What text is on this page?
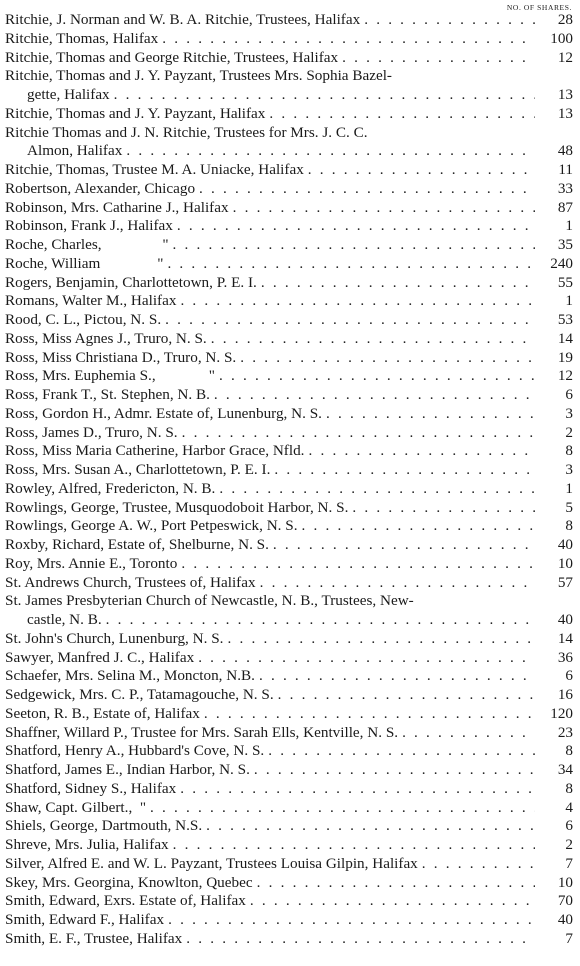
NO. OF SHARES.
Ritchie, J. Norman and W. B. A. Ritchie, Trustees, Halifax . . .	28
Ritchie, Thomas, Halifax . . .	100
Ritchie, Thomas and George Ritchie, Trustees, Halifax . . .	12
Ritchie, Thomas and J. Y. Payzant, Trustees Mrs. Sophia Bazel-
gette, Halifax . . .	13
Ritchie, Thomas and J. Y. Payzant, Halifax . . .	13
Ritchie Thomas and J. N. Ritchie, Trustees for Mrs. J. C. C.
Almon, Halifax . . .	48
Ritchie, Thomas, Trustee M. A. Uniacke, Halifax . . .	11
Robertson, Alexander, Chicago . . .	33
Robinson, Mrs. Catharine J., Halifax . . .	87
Robinson, Frank J., Halifax . . .	1
Roche, Charles,                " . . .	35
Roche, William               " . . .	240
Rogers, Benjamin, Charlottetown, P. E. I. . . .	55
Romans, Walter M., Halifax . . .	1
Rood, C. L., Pictou, N. S. . . .	53
Ross, Miss Agnes J., Truro, N. S. . . .	14
Ross, Miss Christiana D., Truro, N. S. . . .	19
Ross, Mrs. Euphemia S.,              " . . .	12
Ross, Frank T., St. Stephen, N. B. . . .	6
Ross, Gordon H., Admr. Estate of, Lunenburg, N. S. . . .	3
Ross, James D., Truro, N. S. . . .	2
Ross, Miss Maria Catherine, Harbor Grace, Nfld. . . .	8
Ross, Mrs. Susan A., Charlottetown, P. E. I. . . .	3
Rowley, Alfred, Fredericton, N. B. . . .	1
Rowlings, George, Trustee, Musquodoboit Harbor, N. S. . . .	5
Rowlings, George A. W., Port Petpeswick, N. S. . . .	8
Roxby, Richard, Estate of, Shelburne, N. S. . . .	40
Roy, Mrs. Annie E., Toronto . . .	10
St. Andrews Church, Trustees of, Halifax . . .	57
St. James Presbyterian Church of Newcastle, N. B., Trustees, New-
castle, N. B. . . .	40
St. John's Church, Lunenburg, N. S. . . .	14
Sawyer, Manfred J. C., Halifax . . .	36
Schaefer, Mrs. Selina M., Moncton, N.B. . . .	6
Sedgewick, Mrs. C. P., Tatamagouche, N. S. . . .	16
Seeton, R. B., Estate of, Halifax . . .	120
Shaffner, Willard P., Trustee for Mrs. Sarah Ells, Kentville, N. S. . . .	23
Shatford, Henry A., Hubbard's Cove, N. S. . . .	8
Shatford, James E., Indian Harbor, N. S. . . .	34
Shatford, Sidney S., Halifax . . .	8
Shaw, Capt. Gilbert.,  " . . .	4
Shiels, George, Dartmouth, N.S. . . .	6
Shreve, Mrs. Julia, Halifax . . .	2
Silver, Alfred E. and W. L. Payzant, Trustees Louisa Gilpin, Halifax . . .	7
Skey, Mrs. Georgina, Knowlton, Quebec . . .	10
Smith, Edward, Exrs. Estate of, Halifax . . .	70
Smith, Edward F., Halifax . . .	40
Smith, E. F., Trustee, Halifax . . .	7
